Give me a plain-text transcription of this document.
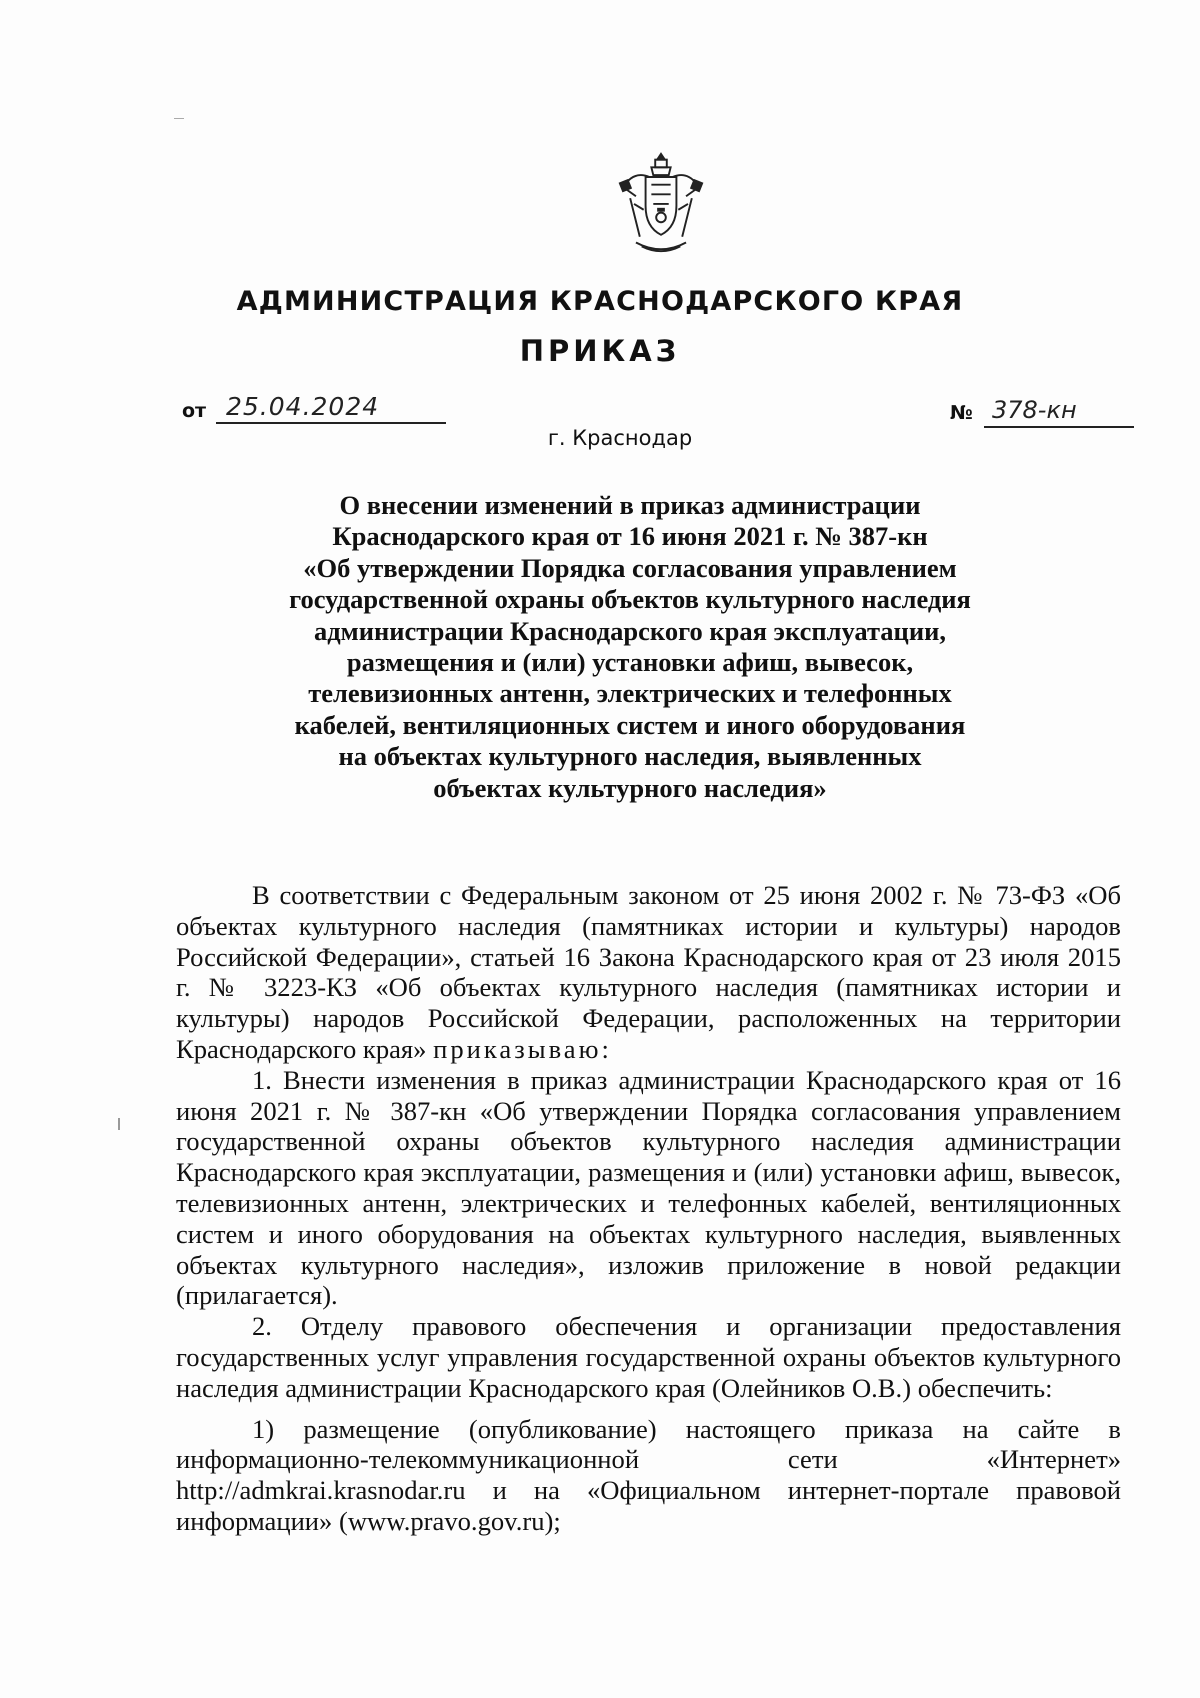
АДМИНИСТРАЦИЯ КРАСНОДАРСКОГО КРАЯ
ПРИКАЗ
от 25.04.2024	№ 378-кн
г. Краснодар
О внесении изменений в приказ администрации
Краснодарского края от 16 июня 2021 г. № 387-кн
«Об утверждении Порядка согласования управлением
государственной охраны объектов культурного наследия
администрации Краснодарского края эксплуатации,
размещения и (или) установки афиш, вывесок,
телевизионных антенн, электрических и телефонных
кабелей, вентиляционных систем и иного оборудования
на объектах культурного наследия, выявленных
объектах культурного наследия»
В соответствии с Федеральным законом от 25 июня 2002 г. № 73-ФЗ «Об объектах культурного наследия (памятниках истории и культуры) народов Российской Федерации», статьей 16 Закона Краснодарского края от 23 июля 2015 г. № 3223-КЗ «Об объектах культурного наследия (памятниках истории и культуры) народов Российской Федерации, расположенных на территории Краснодарского края» приказываю:
1. Внести изменения в приказ администрации Краснодарского края от 16 июня 2021 г. № 387-кн «Об утверждении Порядка согласования управлением государственной охраны объектов культурного наследия администрации Краснодарского края эксплуатации, размещения и (или) установки афиш, вывесок, телевизионных антенн, электрических и телефонных кабелей, вентиляционных систем и иного оборудования на объектах культурного наследия, выявленных объектах культурного наследия», изложив приложение в новой редакции (прилагается).
2. Отделу правового обеспечения и организации предоставления государственных услуг управления государственной охраны объектов культурного наследия администрации Краснодарского края (Олейников О.В.) обеспечить:
1) размещение (опубликование) настоящего приказа на сайте в информационно-телекоммуникационной сети «Интернет» http://admkrai.krasnodar.ru и на «Официальном интернет-портале правовой информации» (www.pravo.gov.ru);
